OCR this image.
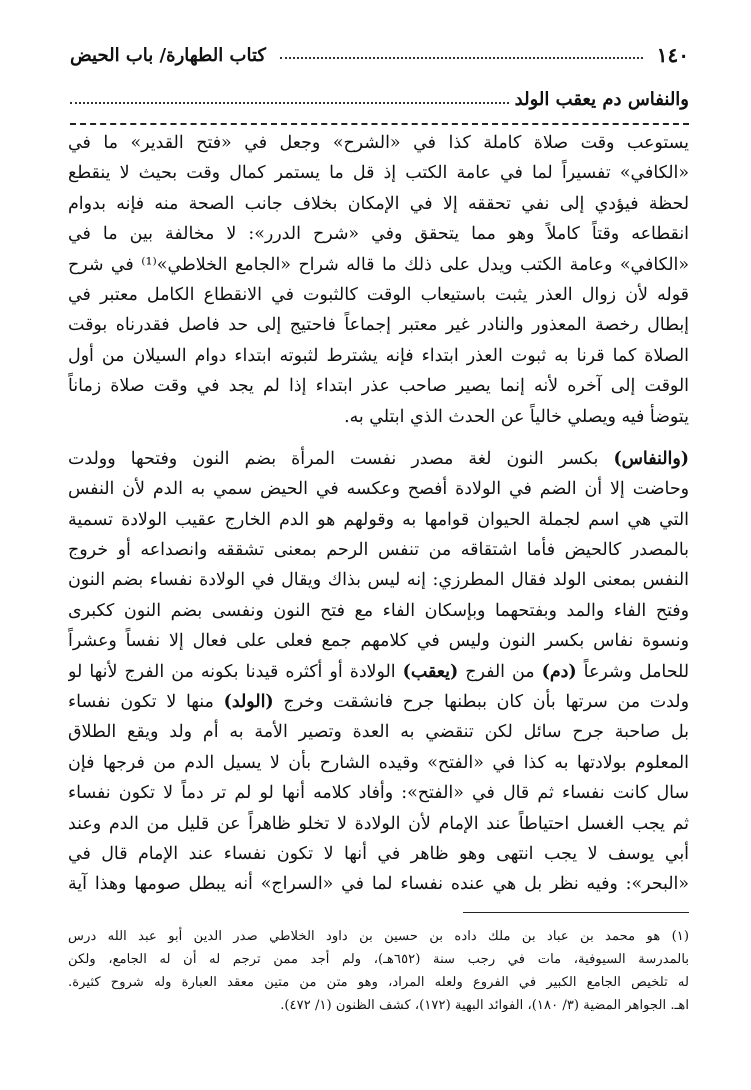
١٤٠
كتاب الطهارة/ باب الحيض
والنفاس دم يعقب الولد
يستوعب وقت صلاة كاملة كذا في «الشرح» وجعل في «فتح القدير» ما في
«الكافي» تفسيراً لما في عامة الكتب إذ قل ما يستمر كمال وقت بحيث لا ينقطع
لحظة فيؤدي إلى نفي تحققه إلا في الإمكان بخلاف جانب الصحة منه فإنه بدوام
انقطاعه وقتاً كاملاً وهو مما يتحقق وفي «شرح الدرر»: لا مخالفة بين ما في
«الكافي» وعامة الكتب ويدل على ذلك ما قاله شراح «الجامع الخلاطي»⁽¹⁾ في شرح
قوله لأن زوال العذر يثبت باستيعاب الوقت كالثبوت في الانقطاع الكامل معتبر في
إبطال رخصة المعذور والنادر غير معتبر إجماعاً فاحتيج إلى حد فاصل فقدرناه بوقت
الصلاة كما قرنا به ثبوت العذر ابتداء فإنه يشترط لثبوته ابتداء دوام السيلان من أول
الوقت إلى آخره لأنه إنما يصير صاحب عذر ابتداء إذا لم يجد في وقت صلاة زماناً
يتوضأ فيه ويصلي خالياً عن الحدث الذي ابتلي به.
(والنفاس) بكسر النون لغة مصدر نفست المرأة بضم النون وفتحها وولدت
وحاضت إلا أن الضم في الولادة أفصح وعكسه في الحيض سمي به الدم لأن النفس
التي هي اسم لجملة الحيوان قوامها به وقولهم هو الدم الخارج عقيب الولادة تسمية
بالمصدر كالحيض فأما اشتقاقه من تنفس الرحم بمعنى تشققه وانصداعه أو خروج
النفس بمعنى الولد فقال المطرزي: إنه ليس بذاك ويقال في الولادة نفساء بضم النون
وفتح الفاء والمد وبفتحهما وبإسكان الفاء مع فتح النون ونفسى بضم النون ككبرى
ونسوة نفاس بكسر النون وليس في كلامهم جمع فعلى على فعال إلا نفساً وعشراً
للحامل وشرعاً (دم) من الفرج (يعقب) الولادة أو أكثره قيدنا بكونه من الفرج لأنها لو
ولدت من سرتها بأن كان ببطنها جرح فانشقت وخرج (الولد) منها لا تكون نفساء
بل صاحبة جرح سائل لكن تنقضي به العدة وتصير الأمة به أم ولد ويقع الطلاق
المعلوم بولادتها به كذا في «الفتح» وقيده الشارح بأن لا يسيل الدم من فرجها فإن
سال كانت نفساء ثم قال في «الفتح»: وأفاد كلامه أنها لو لم تر دماً لا تكون نفساء
ثم يجب الغسل احتياطاً عند الإمام لأن الولادة لا تخلو ظاهراً عن قليل من الدم وعند
أبي يوسف لا يجب انتهى وهو ظاهر في أنها لا تكون نفساء عند الإمام قال في
«البحر»: وفيه نظر بل هي عنده نفساء لما في «السراج» أنه يبطل صومها وهذا آية
(١) هو محمد بن عباد بن ملك داده بن حسين بن داود الخلاطي صدر الدين أبو عبد الله درس
بالمدرسة السيوفية، مات في رجب سنة (٦٥٢هـ)، ولم أجد ممن ترجم له أن له الجامع، ولكن
له تلخيص الجامع الكبير في الفروع ولعله المراد، وهو متن من متين معقد العبارة وله شروح كثيرة.
اهـ. الجواهر المضية (٣/ ١٨٠)، الفوائد البهية (١٧٢)، كشف الظنون (١/ ٤٧٢).
